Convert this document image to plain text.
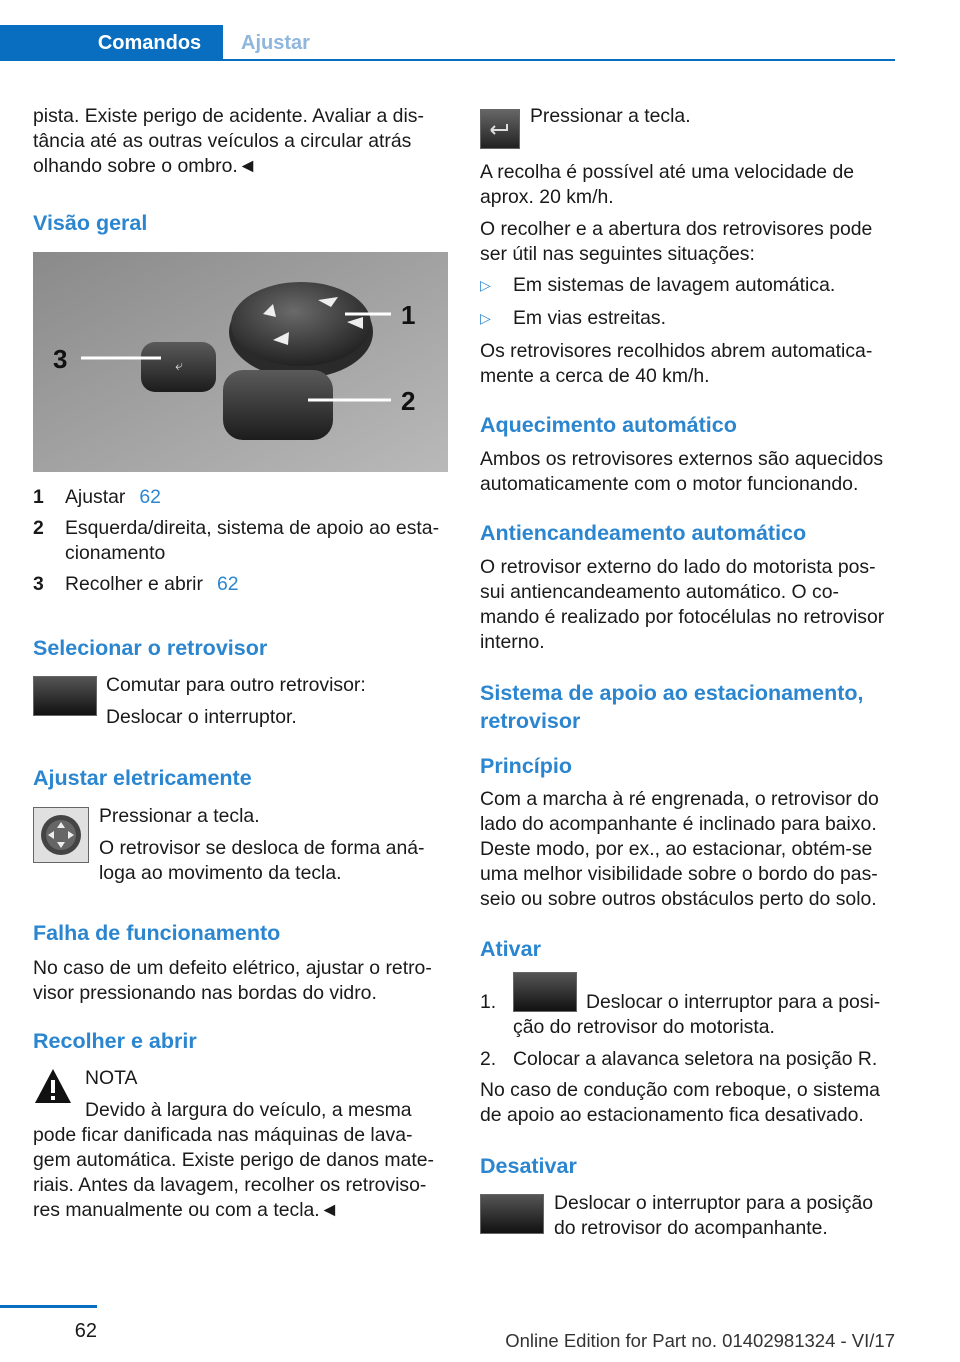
Comandos Ajustar
pista. Existe perigo de acidente. Avaliar a dis-
tância até as outras veículos a circular atrás
olhando sobre o ombro.◄
Visão geral
⤶
1
2
3
1	Ajustar 62
2	Esquerda/direita, sistema de apoio ao esta-
cionamento
3	Recolher e abrir 62
Selecionar o retrovisor
Comutar para outro retrovisor:
Deslocar o interruptor.
Ajustar eletricamente
Pressionar a tecla.
O retrovisor se desloca de forma aná-
loga ao movimento da tecla.
Falha de funcionamento
No caso de um defeito elétrico, ajustar o retro-
visor pressionando nas bordas do vidro.
Recolher e abrir
NOTA
Devido à largura do veículo, a mesma
pode ficar danificada nas máquinas de lava-
gem automática. Existe perigo de danos mate-
riais. Antes da lavagem, recolher os retroviso-
res manualmente ou com a tecla.◄
Pressionar a tecla.
A recolha é possível até uma velocidade de
aprox. 20 km/h.
O recolher e a abertura dos retrovisores pode
ser útil nas seguintes situações:
▷	Em sistemas de lavagem automática.
▷	Em vias estreitas.
Os retrovisores recolhidos abrem automatica-
mente a cerca de 40 km/h.
Aquecimento automático
Ambos os retrovisores externos são aquecidos
automaticamente com o motor funcionando.
Antiencandeamento automático
O retrovisor externo do lado do motorista pos-
sui antiencandeamento automático. O co-
mando é realizado por fotocélulas no retrovisor
interno.
Sistema de apoio ao estacionamento,
retrovisor
Princípio
Com a marcha à ré engrenada, o retrovisor do
lado do acompanhante é inclinado para baixo.
Deste modo, por ex., ao estacionar, obtém-se
uma melhor visibilidade sobre o bordo do pas-
seio ou sobre outros obstáculos perto do solo.
Ativar
1.	Deslocar o interruptor para a posi-
ção do retrovisor do motorista.
2. Colocar a alavanca seletora na posição R.
No caso de condução com reboque, o sistema
de apoio ao estacionamento fica desativado.
Desativar
Deslocar o interruptor para a posição
do retrovisor do acompanhante.
62	Online Edition for Part no. 01402981324 - VI/17
